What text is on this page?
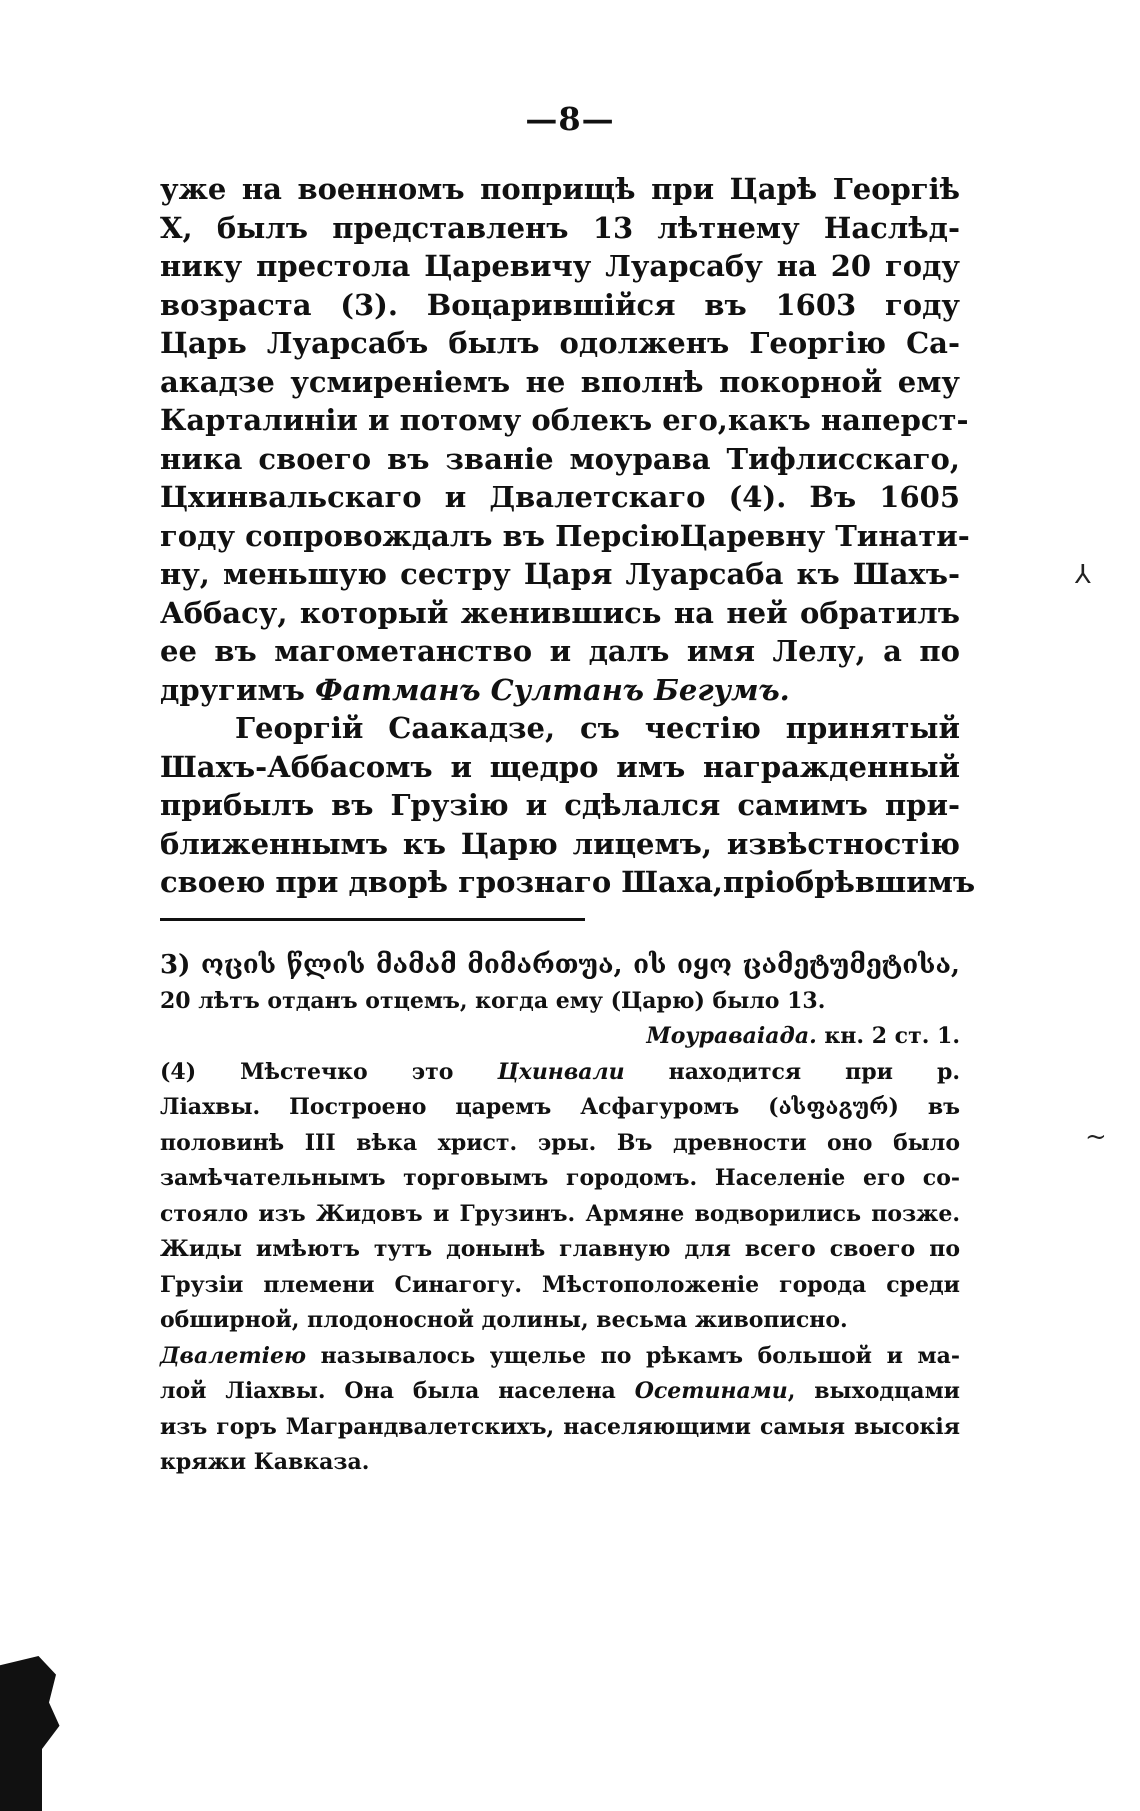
—8—
уже на военномъ поприщѣ при Царѣ Георгіѣ
X, былъ представленъ 13 лѣтнему Наслѣд-
нику престола Царевичу Луарсабу на 20 году
возраста (3). Воцарившійся въ 1603 году
Царь Луарсабъ былъ одолженъ Георгію Са-
акадзе усмиреніемъ не вполнѣ покорной ему
Карталиніи и потому облекъ его,какъ наперст-
ника своего въ званіе моурава Тифлисскаго,
Цхинвальскаго и Двалетскаго (4). Въ 1605
году сопровождалъ въ ПерсіюЦаревну Тинати-
ну, меньшую сестру Царя Луарсаба къ Шахъ-
Аббасу, который женившись на ней обратилъ
ее въ магометанство и далъ имя Лелу, а по
другимъ Фатманъ Султанъ Бегумъ.
Георгій Саакадзе, съ честію принятый
Шахъ-Аббасомъ и щедро имъ награжденный
прибылъ въ Грузію и сдѣлался самимъ при-
ближеннымъ къ Царю лицемъ, извѣстностію
своею при дворѣ грознаго Шаха,пріобрѣвшимъ
3) ოცის წლის მამამ მიმართუა, ის იყო ცამეტ​უმეტისა,
20 лѣтъ отданъ отцемъ, когда ему (Царю) было 13.
Моураваіада. кн. 2 ст. 1.
(4) Мѣстечко это Цхинвали находится при р.
Ліахвы. Построено царемъ Асфагуромъ (ასფაგურ) въ
половинѣ III вѣка христ. эры. Въ древности оно было
замѣчательнымъ торговымъ городомъ. Населеніе его со-
стояло изъ Жидовъ и Грузинъ. Армяне водворились позже.
Жиды имѣютъ тутъ донынѣ главную для всего своего по
Грузіи племени Синагогу. Мѣстоположеніе города среди
обширной, плодоносной долины, весьма живописно.
Двалетіею называлось ущелье по рѣкамъ большой и ма-
лой Ліахвы. Она была населена Осетинами, выходцами
изъ горъ Маграндвалетскихъ, населяющими самыя высокія
кряжи Кавказа.
⅄
~
